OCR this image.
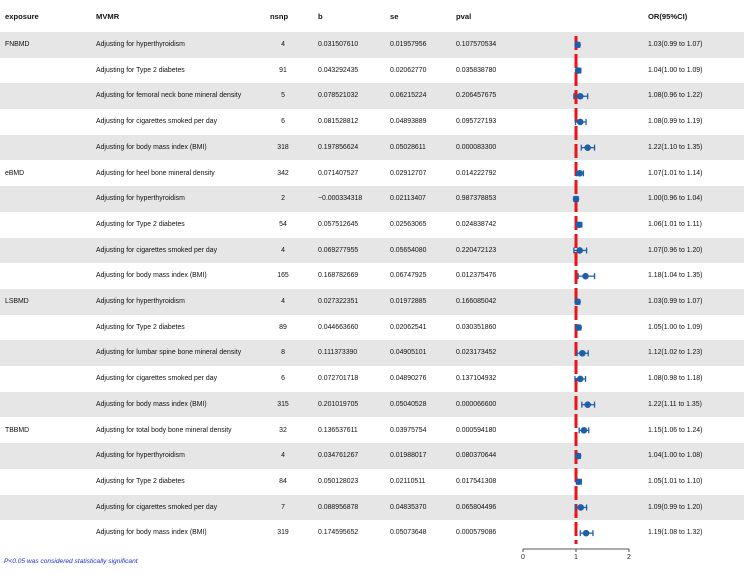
exposure	MVMR	nsnp	b	se	pval	OR(95%CI)
FNBMD	Adjusting for hyperthyroidism	4	0.031507610	0.01957956	0.107570534	1.03(0.99 to 1.07)
Adjusting for Type 2 diabetes	91	0.043292435	0.02062770	0.035838780	1.04(1.00 to 1.09)
Adjusting for femoral neck bone mineral density	5	0.078521032	0.06215224	0.206457675	1.08(0.96 to 1.22)
Adjusting for cigarettes smoked per day	6	0.081528812	0.04893889	0.095727193	1.08(0.99 to 1.19)
Adjusting for body mass index (BMI)	318	0.197856624	0.05028611	0.000083300	1.22(1.10 to 1.35)
eBMD	Adjusting for heel bone mineral density	342	0.071407527	0.02912707	0.014222792	1.07(1.01 to 1.14)
Adjusting for hyperthyroidism	2	−0.000334318	0.02113407	0.987378853	1.00(0.96 to 1.04)
Adjusting for Type 2 diabetes	54	0.057512645	0.02563065	0.024838742	1.06(1.01 to 1.11)
Adjusting for cigarettes smoked per day	4	0.069277955	0.05654080	0.220472123	1.07(0.96 to 1.20)
Adjusting for body mass index (BMI)	165	0.168782669	0.06747925	0.012375476	1.18(1.04 to 1.35)
LSBMD	Adjusting for hyperthyroidism	4	0.027322351	0.01972885	0.166085042	1.03(0.99 to 1.07)
Adjusting for Type 2 diabetes	89	0.044663660	0.02062541	0.030351860	1.05(1.00 to 1.09)
Adjusting for lumbar spine bone mineral density	8	0.111373390	0.04905101	0.023173452	1.12(1.02 to 1.23)
Adjusting for cigarettes smoked per day	6	0.072701718	0.04890276	0.137104932	1.08(0.98 to 1.18)
Adjusting for body mass index (BMI)	315	0.201019705	0.05040528	0.000066600	1.22(1.11 to 1.35)
TBBMD	Adjusting for total body bone mineral density	32	0.136537611	0.03975754	0.000594180	1.15(1.06 to 1.24)
Adjusting for hyperthyroidism	4	0.034761267	0.01988017	0.080370644	1.04(1.00 to 1.08)
Adjusting for Type 2 diabetes	84	0.050128023	0.02110511	0.017541308	1.05(1.01 to 1.10)
Adjusting for cigarettes smoked per day	7	0.088956878	0.04835370	0.065804496	1.09(0.99 to 1.20)
Adjusting for body mass index (BMI)	319	0.174595652	0.05073648	0.000579086	1.19(1.08 to 1.32)
0	1	2
P<0.05 was considered statistically significant
